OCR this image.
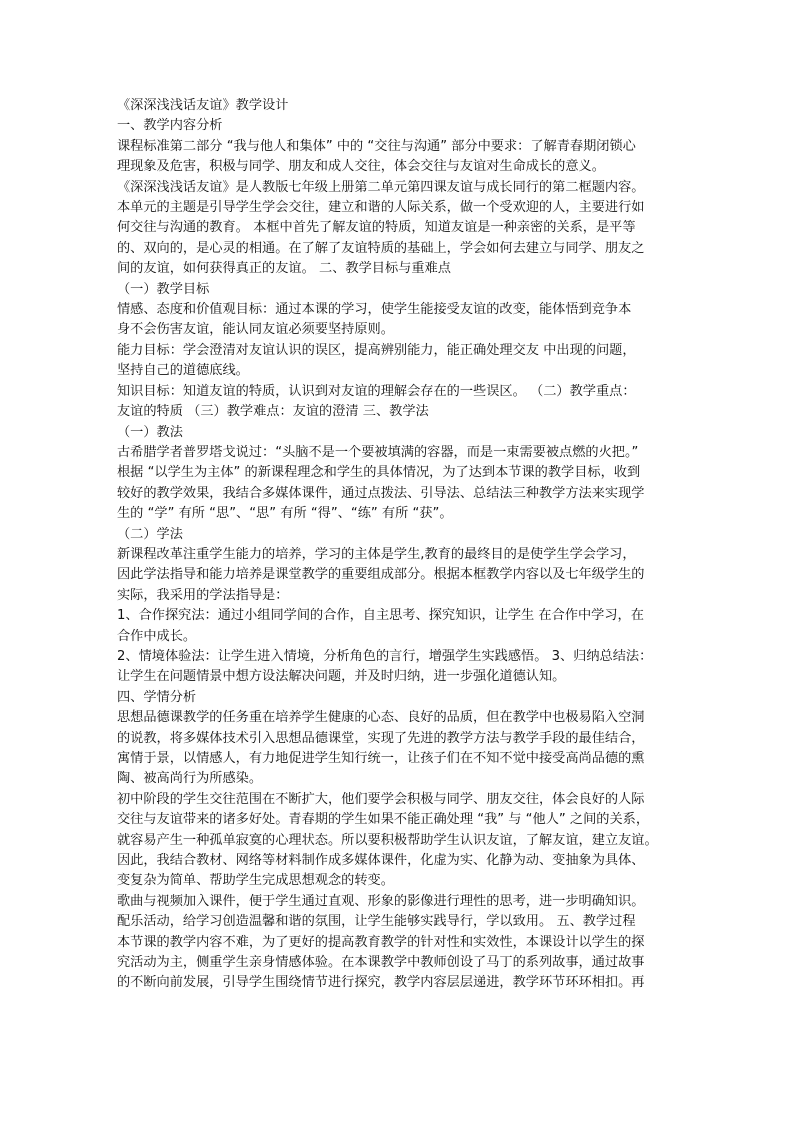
《深深浅浅话友谊》教学设计
一、教学内容分析
课程标准第二部分 “我与他人和集体” 中的 “交往与沟通” 部分中要求：了解青春期闭锁心
理现象及危害，积极与同学、朋友和成人交往，体会交往与友谊对生命成长的意义。
《深深浅浅话友谊》是人教版七年级上册第二单元第四课友谊与成长同行的第二框题内容。
本单元的主题是引导学生学会交往，建立和谐的人际关系，做一个受欢迎的人，主要进行如
何交往与沟通的教育。 本框中首先了解友谊的特质，知道友谊是一种亲密的关系，是平等
的、双向的，是心灵的相通。在了解了友谊特质的基础上，学会如何去建立与同学、朋友之
间的友谊，如何获得真正的友谊。 二、教学目标与重难点
（一）教学目标
情感、态度和价值观目标：通过本课的学习，使学生能接受友谊的改变，能体悟到竞争本
身不会伤害友谊，能认同友谊必须要坚持原则。
能力目标：学会澄清对友谊认识的误区，提高辨别能力，能正确处理交友 中出现的问题，
坚持自己的道德底线。
知识目标：知道友谊的特质，认识到对友谊的理解会存在的一些误区。 （二）教学重点：
友谊的特质 （三）教学难点：友谊的澄清 三、教学法
（一）教法
古希腊学者普罗塔戈说过：“头脑不是一个要被填满的容器，而是一束需要被点燃的火把。”
根据 “以学生为主体” 的新课程理念和学生的具体情况，为了达到本节课的教学目标，收到
较好的教学效果，我结合多媒体课件，通过点拨法、引导法、总结法三种教学方法来实现学
生的 “学” 有所 “思”、“思” 有所 “得”、“练” 有所 “获”。
（二）学法
新课程改革注重学生能力的培养，学习的主体是学生,教育的最终目的是使学生学会学习，
因此学法指导和能力培养是课堂教学的重要组成部分。根据本框教学内容以及七年级学生的
实际，我采用的学法指导是：
1、合作探究法：通过小组同学间的合作，自主思考、探究知识，让学生 在合作中学习，在
合作中成长。
2、情境体验法：让学生进入情境，分析角色的言行，增强学生实践感悟。 3、归纳总结法：
让学生在问题情景中想方设法解决问题，并及时归纳，进一步强化道德认知。
四、学情分析
思想品德课教学的任务重在培养学生健康的心态、良好的品质，但在教学中也极易陷入空洞
的说教，将多媒体技术引入思想品德课堂，实现了先进的教学方法与教学手段的最佳结合，
寓情于景，以情感人，有力地促进学生知行统一，让孩子们在不知不觉中接受高尚品德的熏
陶、被高尚行为所感染。
初中阶段的学生交往范围在不断扩大，他们要学会积极与同学、朋友交往，体会良好的人际
交往与友谊带来的诸多好处。青春期的学生如果不能正确处理 “我” 与 “他人” 之间的关系，
就容易产生一种孤单寂寞的心理状态。所以要积极帮助学生认识友谊，了解友谊，建立友谊。
因此，我结合教材、网络等材料制作成多媒体课件，化虚为实、化静为动、变抽象为具体、
变复杂为简单、帮助学生完成思想观念的转变。
歌曲与视频加入课件，便于学生通过直观、形象的影像进行理性的思考，进一步明确知识。
配乐活动，给学习创造温馨和谐的氛围，让学生能够实践导行，学以致用。 五、教学过程
本节课的教学内容不难，为了更好的提高教育教学的针对性和实效性，本课设计以学生的探
究活动为主，侧重学生亲身情感体验。在本课教学中教师创设了马丁的系列故事，通过故事
的不断向前发展，引导学生围绕情节进行探究，教学内容层层递进，教学环节环环相扣。再
